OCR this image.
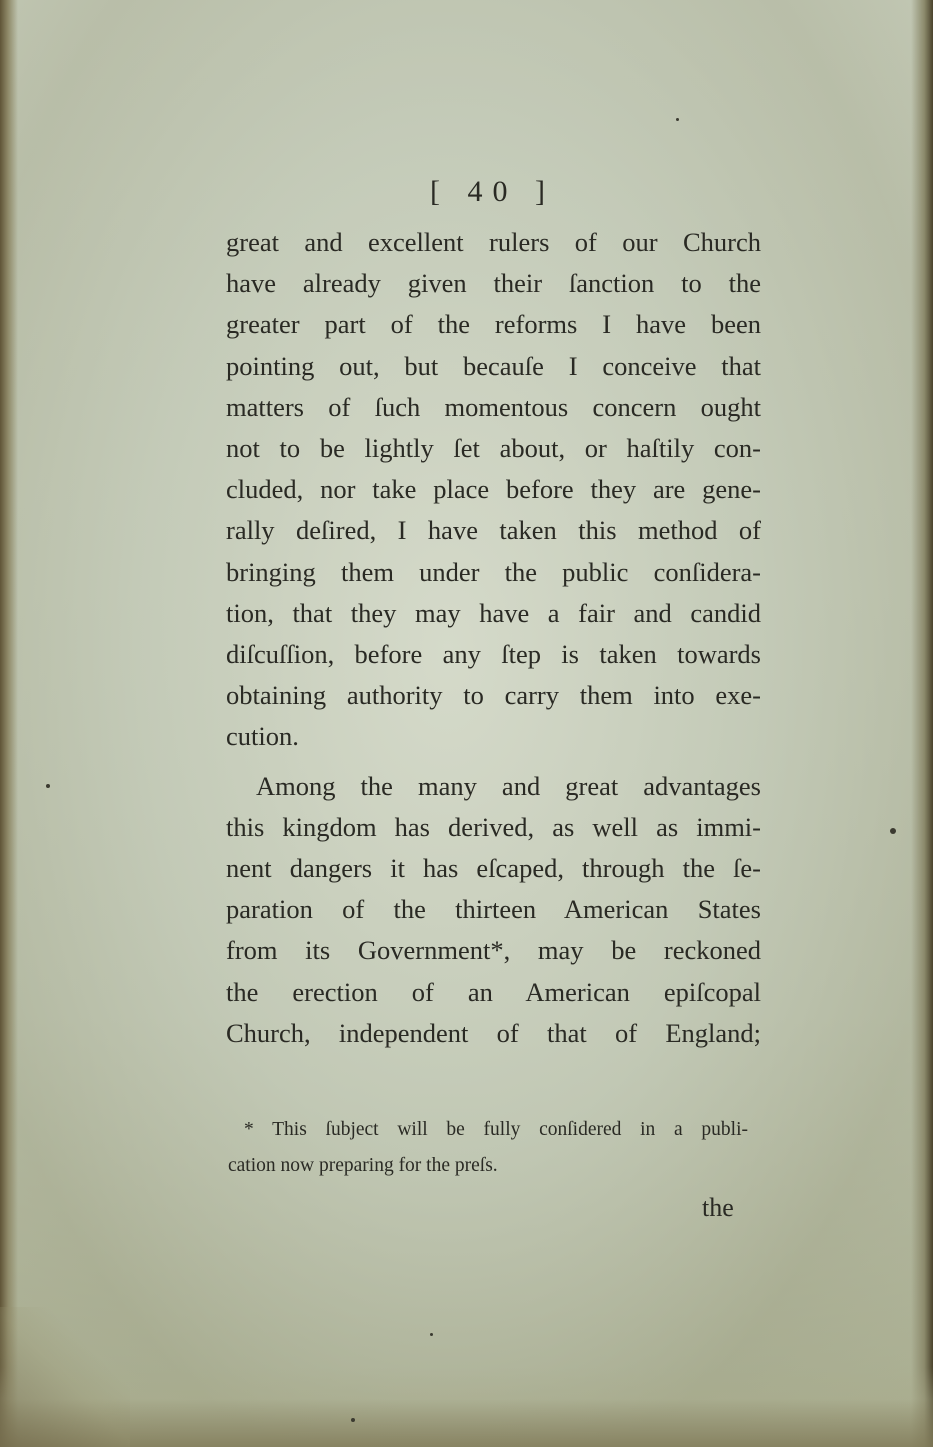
[ 40 ]
great and excellent rulers of our Church
have already given their ſanction to the
greater part of the reforms I have been
pointing out, but becauſe I conceive that
matters of ſuch momentous concern ought
not to be lightly ſet about, or haſtily con-
cluded, nor take place before they are gene-
rally deſired, I have taken this method of
bringing them under the public conſidera-
tion, that they may have a fair and candid
diſcuſſion, before any ſtep is taken towards
obtaining authority to carry them into exe-
cution.
Among the many and great advantages
this kingdom has derived, as well as immi-
nent dangers it has eſcaped, through the ſe-
paration of the thirteen American States
from its Government*, may be reckoned
the erection of an American epiſcopal
Church, independent of that of England;
* This ſubject will be fully conſidered in a publi-
cation now preparing for the preſs.
the
